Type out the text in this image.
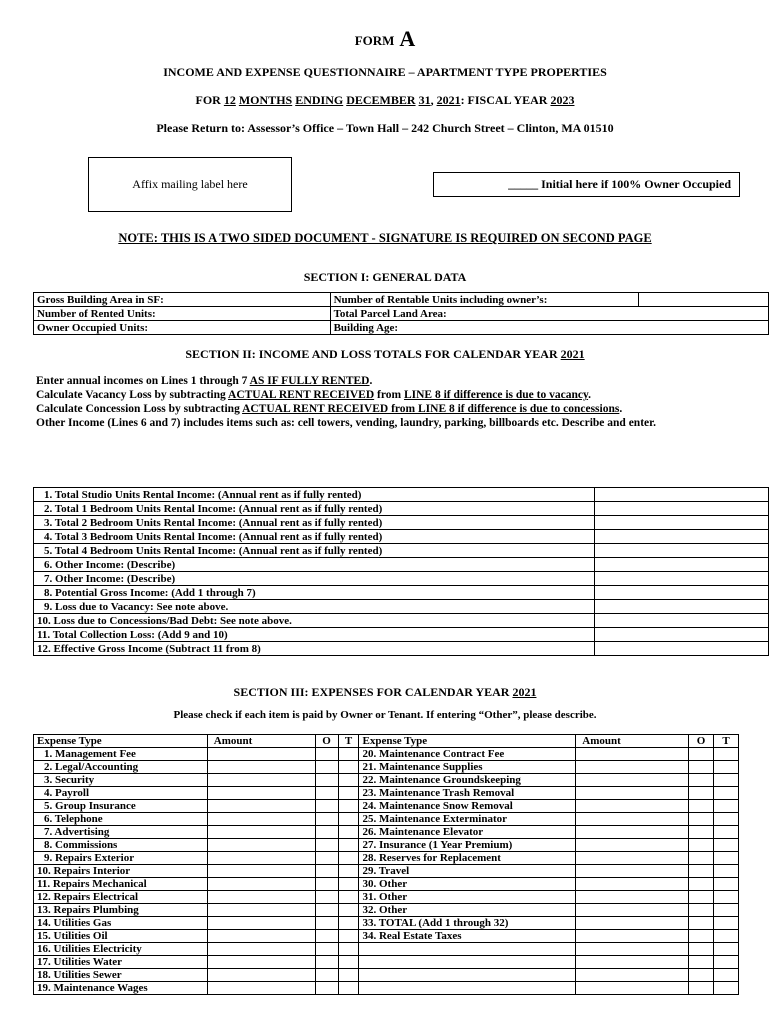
FORM A
INCOME AND EXPENSE QUESTIONNAIRE – APARTMENT TYPE PROPERTIES
FOR 12 MONTHS ENDING DECEMBER 31, 2021: FISCAL YEAR 2023
Please Return to: Assessor’s Office – Town Hall – 242 Church Street – Clinton, MA 01510
Affix mailing label here	_____ Initial here if 100% Owner Occupied
NOTE: THIS IS A TWO SIDED DOCUMENT - SIGNATURE IS REQUIRED ON SECOND PAGE
SECTION I: GENERAL DATA
Gross Building Area in SF:	Number of Rentable Units including owner’s:	
Number of Rented Units:	Total Parcel Land Area:	
Owner Occupied Units:	Building Age:	
SECTION II: INCOME AND LOSS TOTALS FOR CALENDAR YEAR 2021

Enter annual incomes on Lines 1 through 7 AS IF FULLY RENTED.

Calculate Vacancy Loss by subtracting ACTUAL RENT RECEIVED from LINE 8 if difference is due to vacancy.

Calculate Concession Loss by subtracting ACTUAL RENT RECEIVED from LINE 8 if difference is due to concessions.

Other Income (Lines 6 and 7) includes items such as: cell towers, vending, laundry, parking, billboards etc. Describe and enter.

1. Total Studio Units Rental Income: (Annual rent as if fully rented)	
2. Total 1 Bedroom Units Rental Income: (Annual rent as if fully rented)	
3. Total 2 Bedroom Units Rental Income: (Annual rent as if fully rented)	
4. Total 3 Bedroom Units Rental Income: (Annual rent as if fully rented)	
5. Total 4 Bedroom Units Rental Income: (Annual rent as if fully rented)	
6. Other Income: (Describe)	
7. Other Income: (Describe)	
8. Potential Gross Income: (Add 1 through 7)	
9. Loss due to Vacancy: See note above.	
10. Loss due to Concessions/Bad Debt: See note above.	
11. Total Collection Loss: (Add 9 and 10)	
12. Effective Gross Income (Subtract 11 from 8)	
SECTION III: EXPENSES FOR CALENDAR YEAR 2021
Please check if each item is paid by Owner or Tenant. If entering “Other”, please describe.
Expense Type	Amount	O	T	Expense Type	Amount	O	T
1. Management Fee				20. Maintenance Contract Fee			
2. Legal/Accounting				21. Maintenance Supplies			
3. Security				22. Maintenance Groundskeeping			
4. Payroll				23. Maintenance Trash Removal			
5. Group Insurance				24. Maintenance Snow Removal			
6. Telephone				25. Maintenance Exterminator			
7. Advertising				26. Maintenance Elevator			
8. Commissions				27. Insurance (1 Year Premium)			
9. Repairs Exterior				28. Reserves for Replacement			
10. Repairs Interior				29. Travel			
11. Repairs Mechanical				30. Other			
12. Repairs Electrical				31. Other			
13. Repairs Plumbing				32. Other			
14. Utilities Gas				33. TOTAL (Add 1 through 32)			
15. Utilities Oil				34. Real Estate Taxes			
16. Utilities Electricity							
17. Utilities Water							
18. Utilities Sewer							
19. Maintenance Wages							
